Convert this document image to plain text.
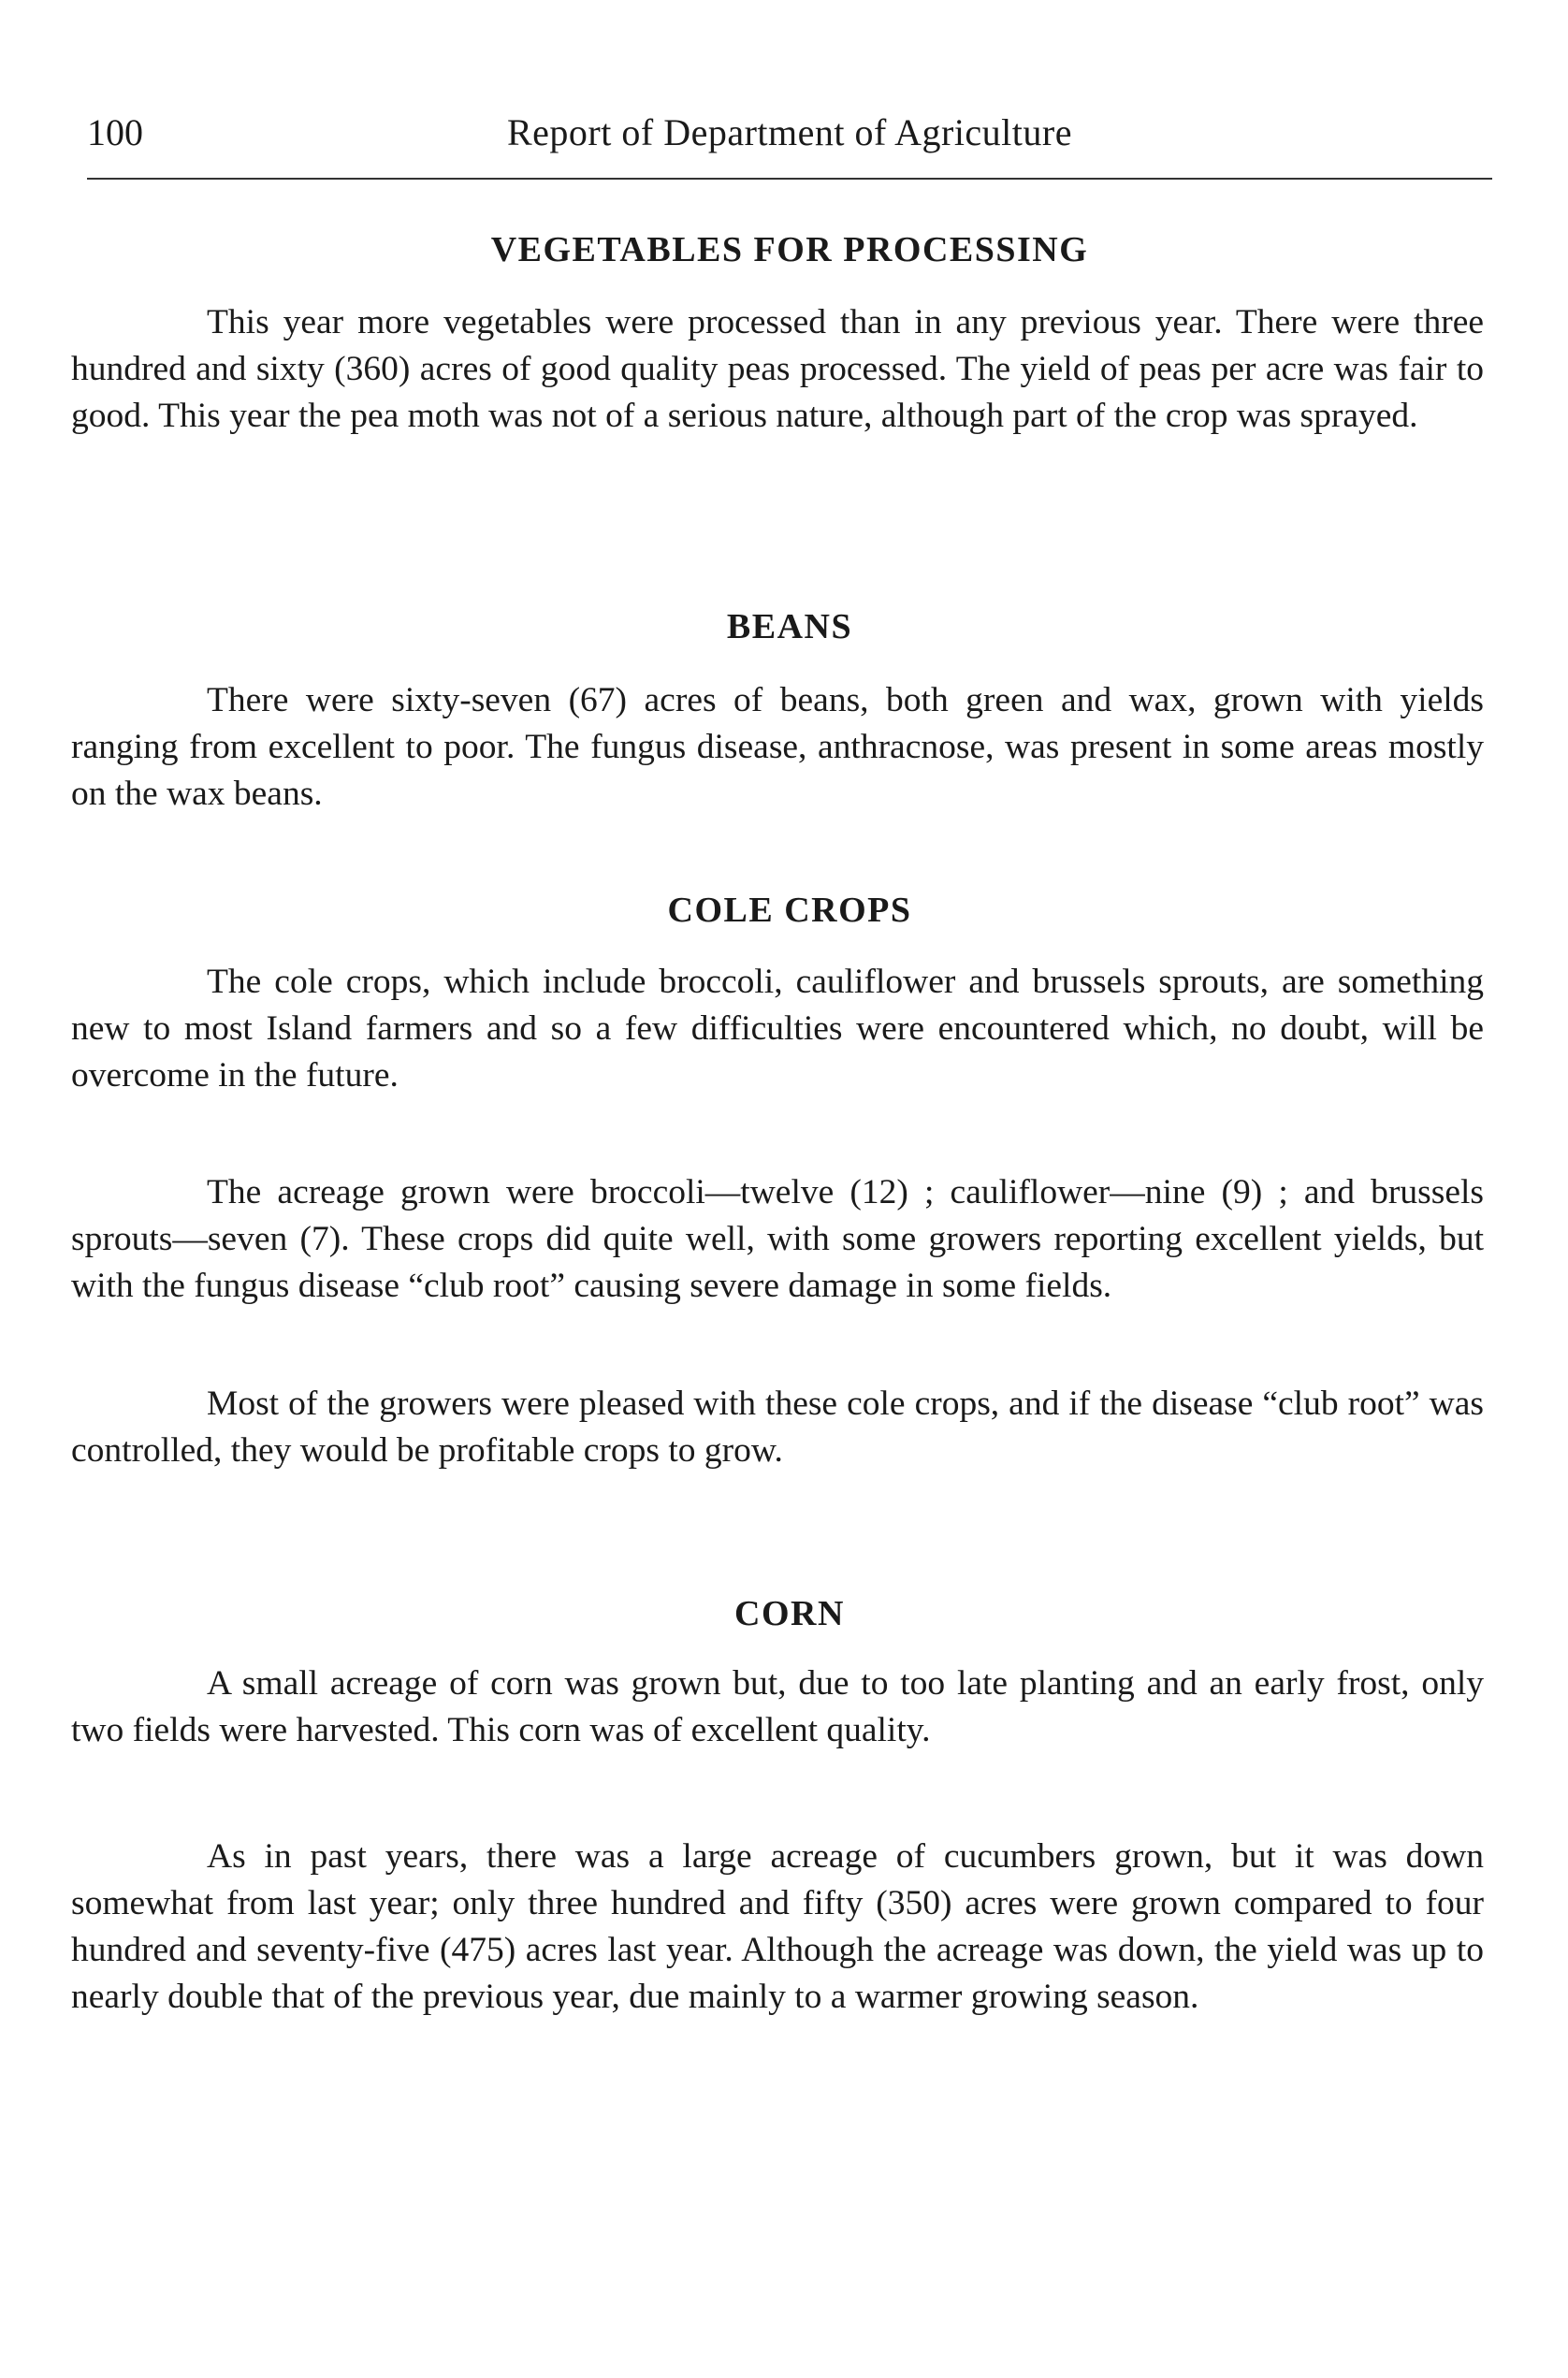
100	Report of Department of Agriculture
VEGETABLES FOR PROCESSING

This year more vegetables were processed than in any previous year. There were three hundred and sixty (360) acres of good quality peas processed. The yield of peas per acre was fair to good. This year the pea moth was not of a serious nature, although part of the crop was sprayed.

BEANS

There were sixty-seven (67) acres of beans, both green and wax, grown with yields ranging from excellent to poor. The fungus disease, anthracnose, was present in some areas mostly on the wax beans.

COLE CROPS

The cole crops, which include broccoli, cauliflower and brussels sprouts, are something new to most Island farmers and so a few difficulties were encountered which, no doubt, will be overcome in the future.

The acreage grown were broccoli—twelve (12) ; cauliflower—nine (9) ; and brussels sprouts—seven (7). These crops did quite well, with some growers reporting excellent yields, but with the fungus disease “club root” causing severe damage in some fields.

Most of the growers were pleased with these cole crops, and if the disease “club root” was controlled, they would be profitable crops to grow.

CORN

A small acreage of corn was grown but, due to too late planting and an early frost, only two fields were harvested. This corn was of excellent quality.

As in past years, there was a large acreage of cucumbers grown, but it was down somewhat from last year; only three hundred and fifty (350) acres were grown compared to four hundred and seventy-five (475) acres last year. Although the acreage was down, the yield was up to nearly double that of the previous year, due mainly to a warmer growing season.
